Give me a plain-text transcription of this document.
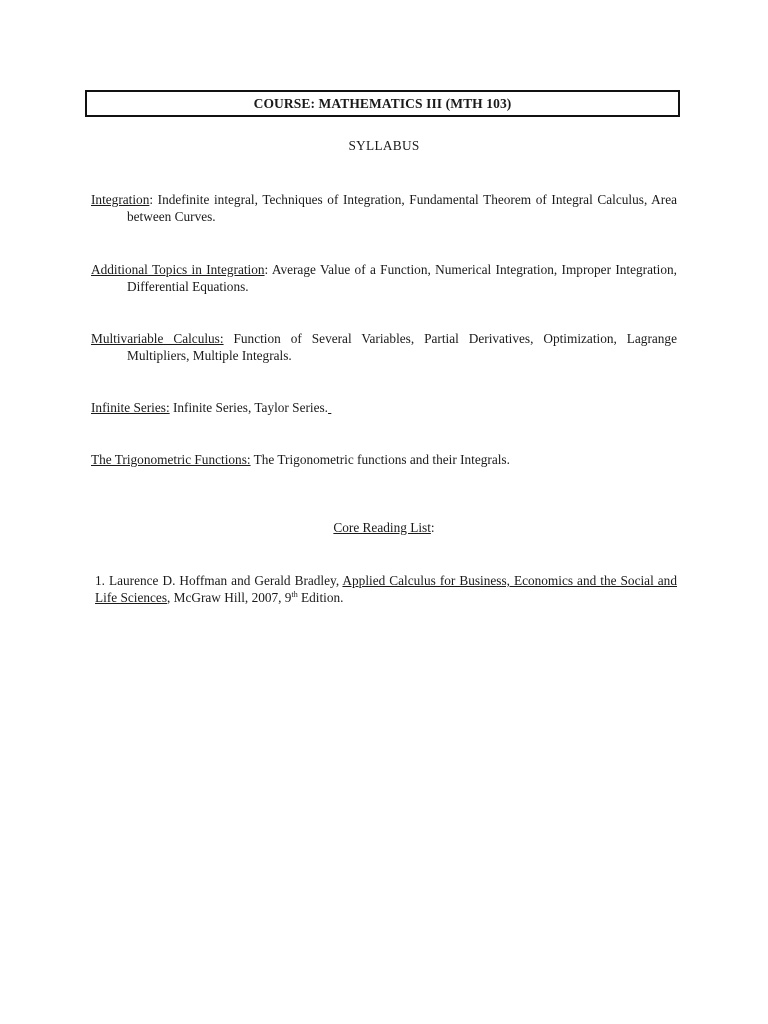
COURSE: MATHEMATICS III (MTH 103)
SYLLABUS
Integration: Indefinite integral, Techniques of Integration, Fundamental Theorem of Integral Calculus, Area between Curves.
Additional Topics in Integration: Average Value of a Function, Numerical Integration, Improper Integration, Differential Equations.
Multivariable Calculus: Function of Several Variables, Partial Derivatives, Optimization, Lagrange Multipliers, Multiple Integrals.
Infinite Series: Infinite Series, Taylor Series.
The Trigonometric Functions: The Trigonometric functions and their Integrals.
Core Reading List:
1. Laurence D. Hoffman and Gerald Bradley, Applied Calculus for Business, Economics and the Social and Life Sciences, McGraw Hill, 2007, 9th Edition.
